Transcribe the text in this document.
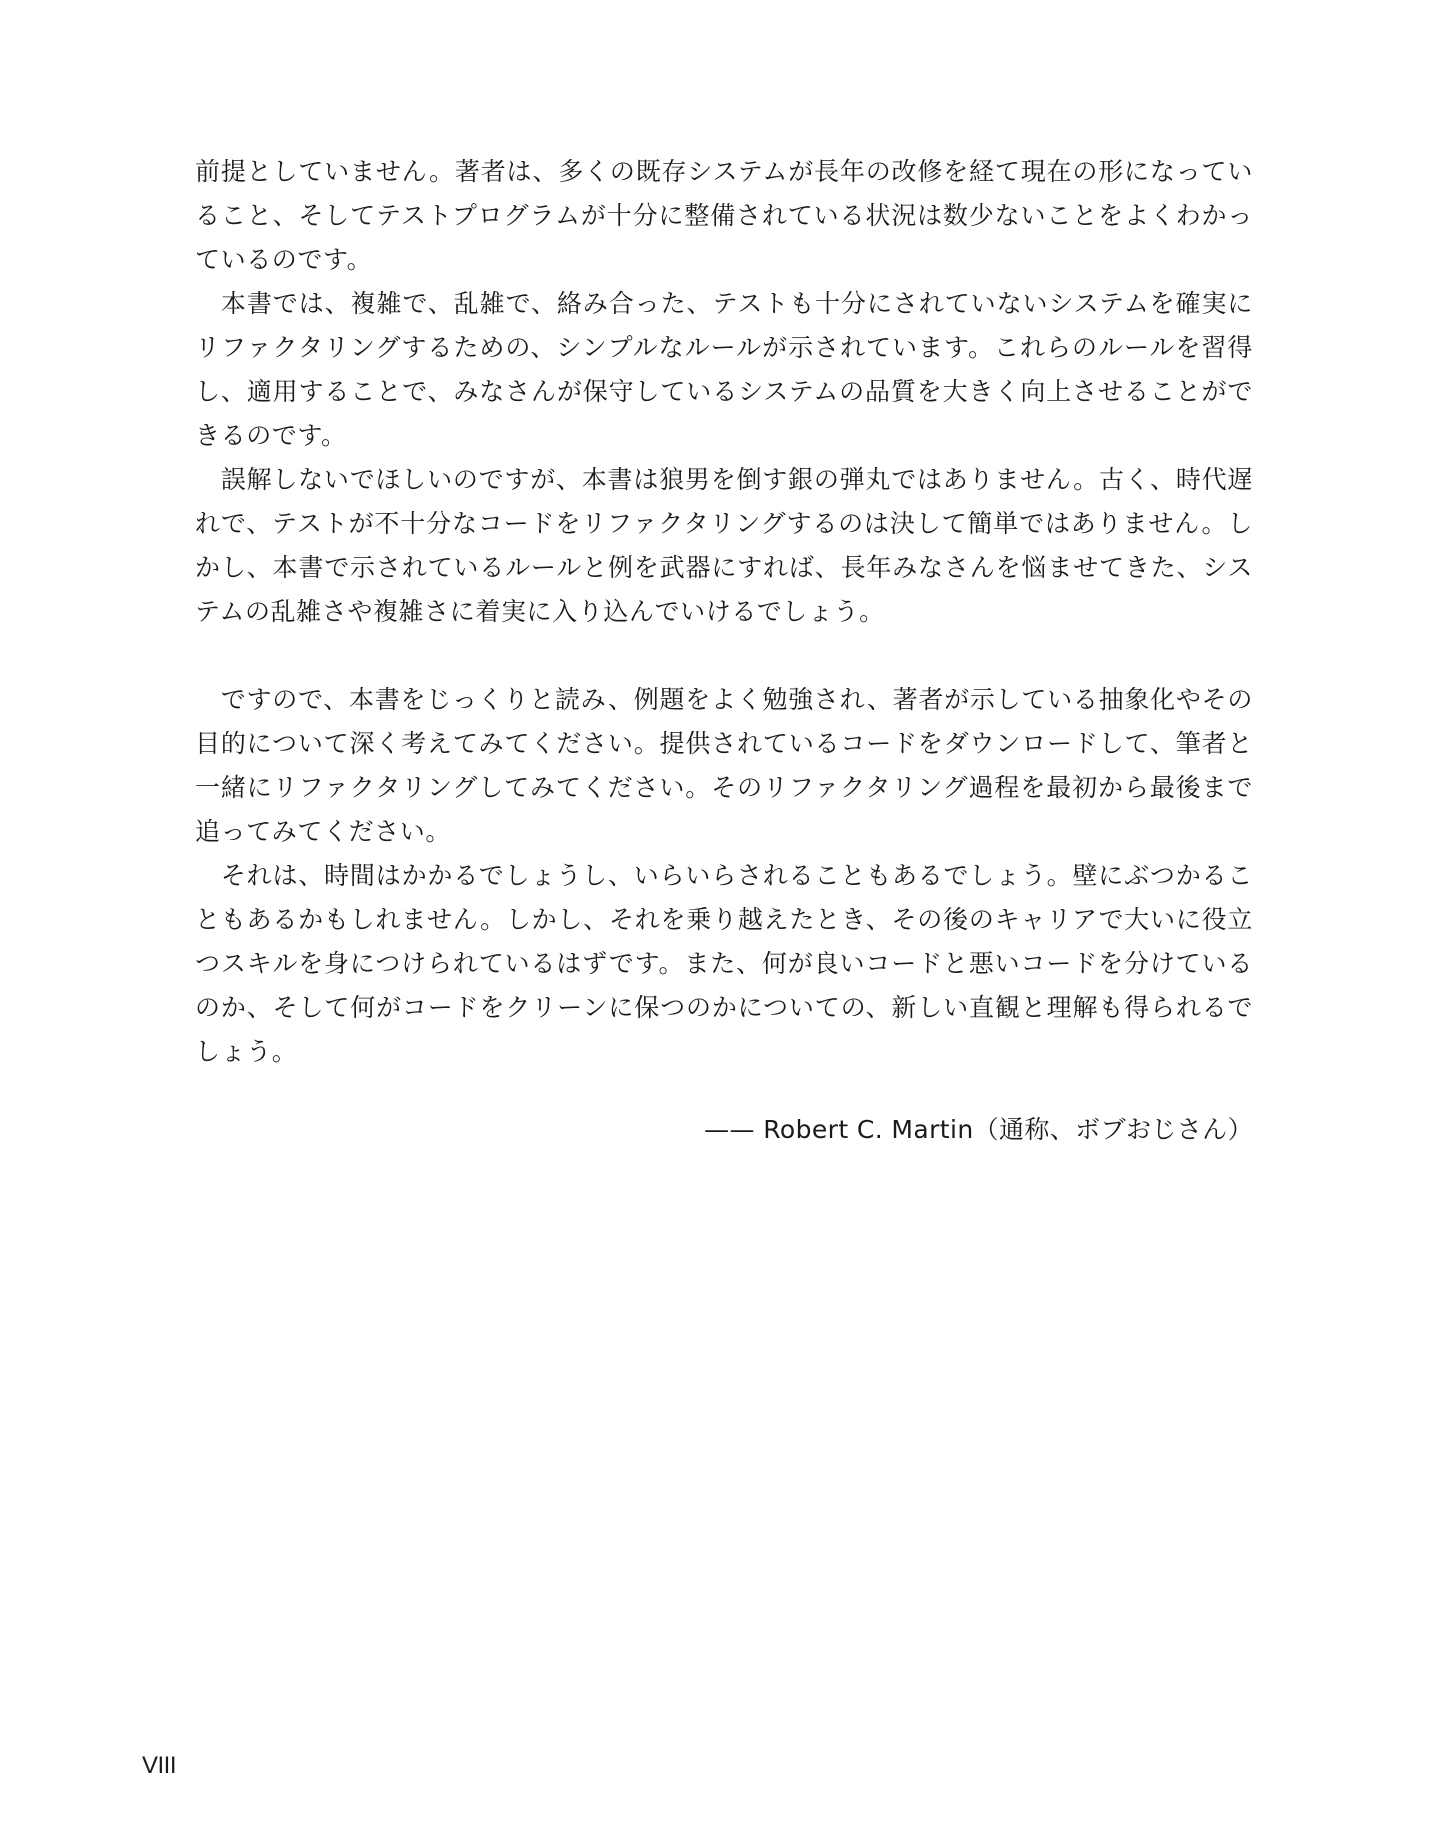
前提としていません。著者は、多くの既存システムが長年の改修を経て現在の形になってい
ること、そしてテストプログラムが十分に整備されている状況は数少ないことをよくわかっ
ているのです。

　本書では、複雑で、乱雑で、絡み合った、テストも十分にされていないシステムを確実に
リファクタリングするための、シンプルなルールが示されています。これらのルールを習得
し、適用することで、みなさんが保守しているシステムの品質を大きく向上させることがで
きるのです。

　誤解しないでほしいのですが、本書は狼男を倒す銀の弾丸ではありません。古く、時代遅
れで、テストが不十分なコードをリファクタリングするのは決して簡単ではありません。し
かし、本書で示されているルールと例を武器にすれば、長年みなさんを悩ませてきた、シス
テムの乱雑さや複雑さに着実に入り込んでいけるでしょう。

　ですので、本書をじっくりと読み、例題をよく勉強され、著者が示している抽象化やその
目的について深く考えてみてください。提供されているコードをダウンロードして、筆者と
一緒にリファクタリングしてみてください。そのリファクタリング過程を最初から最後まで
追ってみてください。

　それは、時間はかかるでしょうし、いらいらされることもあるでしょう。壁にぶつかるこ
ともあるかもしれません。しかし、それを乗り越えたとき、その後のキャリアで大いに役立
つスキルを身につけられているはずです。また、何が良いコードと悪いコードを分けている
のか、そして何がコードをクリーンに保つのかについての、新しい直観と理解も得られるで
しょう。

—— Robert C. Martin（通称、ボブおじさん）
VIII
